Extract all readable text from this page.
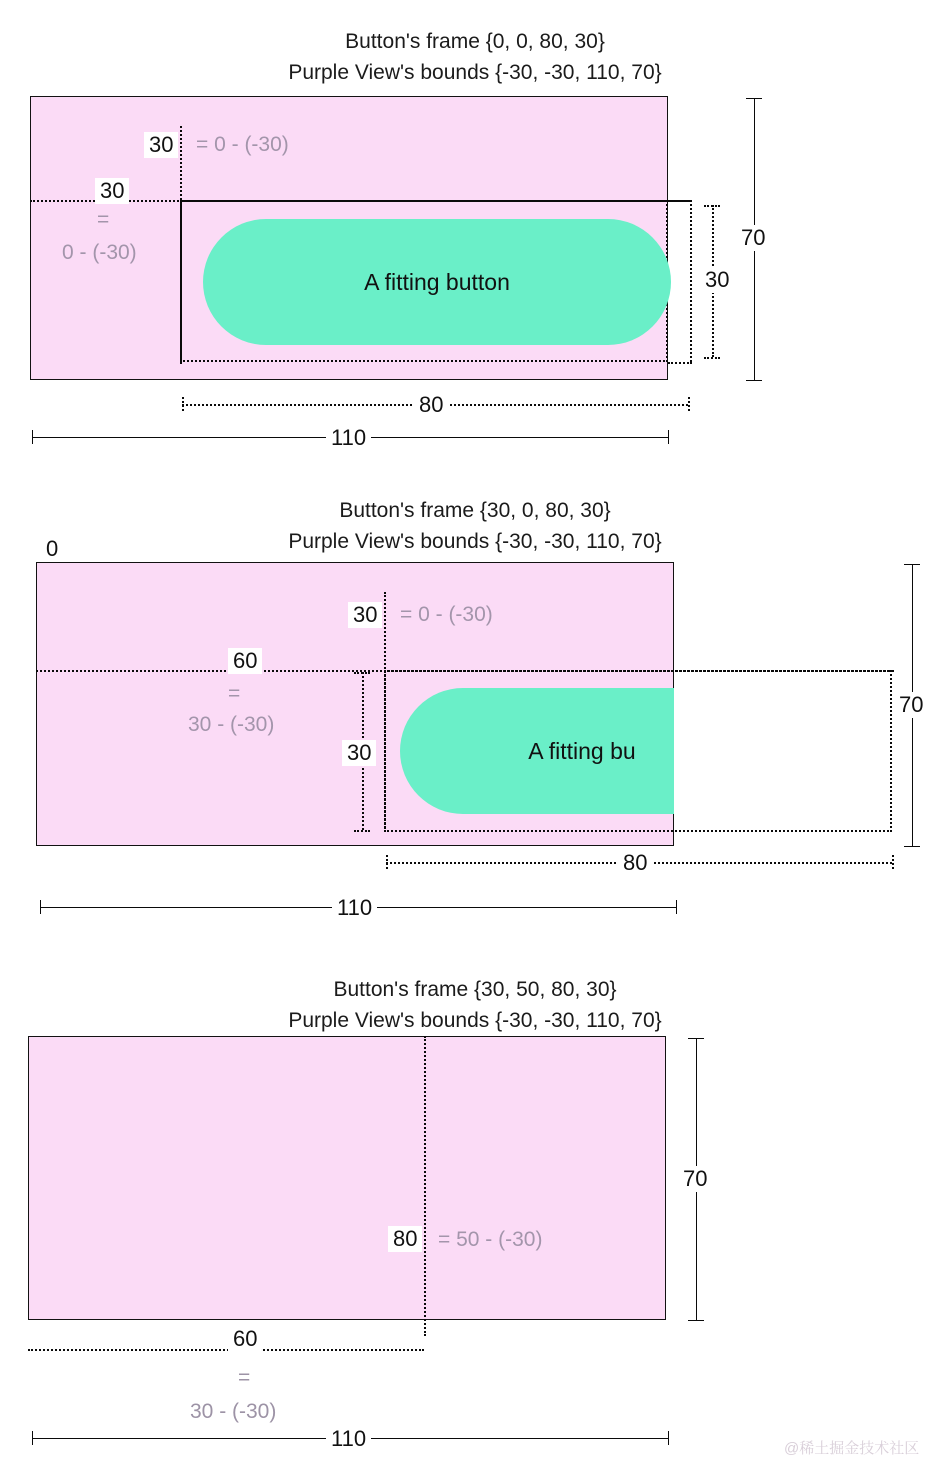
Button's frame {0, 0, 80, 30}
Purple View's bounds {-30, -30, 110, 70}
A fitting button
30 = 0 - (-30)
30
=
0 - (-30)
30
70
80
110
Button's frame {30, 0, 80, 30}
Purple View's bounds {-30, -30, 110, 70}
0
A fitting bu
30 = 0 - (-30)
60
=
30 - (-30)
30
70
80
110
Button's frame {30, 50, 80, 30}
Purple View's bounds {-30, -30, 110, 70}
80 = 50 - (-30)
70
60
=
30 - (-30)
110	@稀土掘金技术社区
